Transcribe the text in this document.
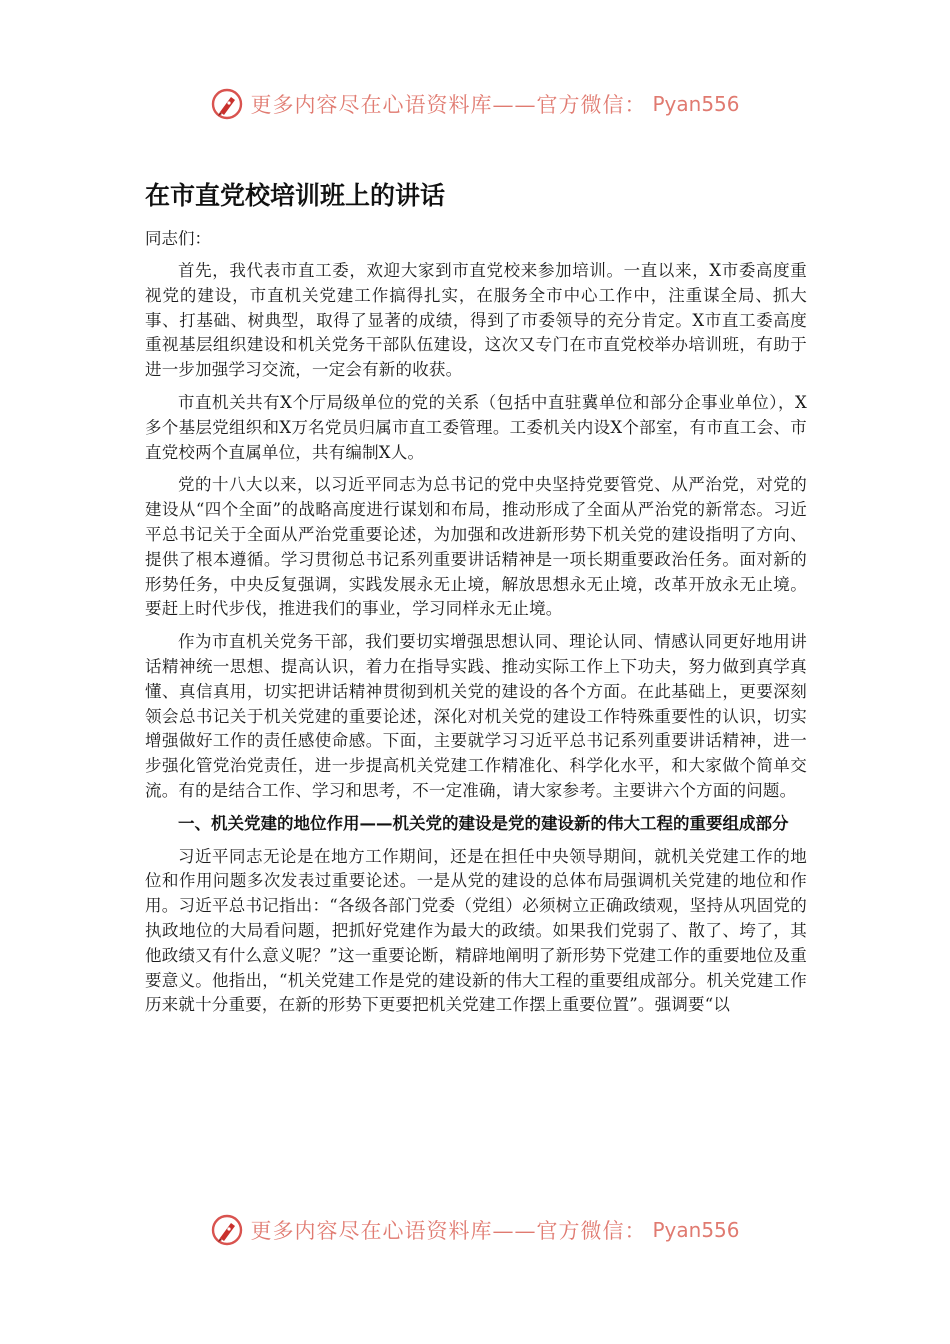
更多内容尽在心语资料库——官方微信： Pyan556
在市直党校培训班上的讲话

同志们：

首先，我代表市直工委，欢迎大家到市直党校来参加培训。一直以来，X市委高度重视党的建设，市直机关党建工作搞得扎实，在服务全市中心工作中，注重谋全局、抓大事、打基础、树典型，取得了显著的成绩，得到了市委领导的充分肯定。X市直工委高度重视基层组织建设和机关党务干部队伍建设，这次又专门在市直党校举办培训班，有助于进一步加强学习交流，一定会有新的收获。

市直机关共有X个厅局级单位的党的关系（包括中直驻冀单位和部分企事业单位），X多个基层党组织和X万名党员归属市直工委管理。工委机关内设X个部室，有市直工会、市直党校两个直属单位，共有编制X人。

党的十八大以来，以习近平同志为总书记的党中央坚持党要管党、从严治党，对党的建设从“四个全面”的战略高度进行谋划和布局，推动形成了全面从严治党的新常态。习近平总书记关于全面从严治党重要论述，为加强和改进新形势下机关党的建设指明了方向、提供了根本遵循。学习贯彻总书记系列重要讲话精神是一项长期重要政治任务。面对新的形势任务，中央反复强调，实践发展永无止境，解放思想永无止境，改革开放永无止境。要赶上时代步伐，推进我们的事业，学习同样永无止境。

作为市直机关党务干部，我们要切实增强思想认同、理论认同、情感认同更好地用讲话精神统一思想、提高认识，着力在指导实践、推动实际工作上下功夫，努力做到真学真懂、真信真用，切实把讲话精神贯彻到机关党的建设的各个方面。在此基础上，更要深刻领会总书记关于机关党建的重要论述，深化对机关党的建设工作特殊重要性的认识，切实增强做好工作的责任感使命感。下面，主要就学习习近平总书记系列重要讲话精神，进一步强化管党治党责任，进一步提高机关党建工作精准化、科学化水平，和大家做个简单交流。有的是结合工作、学习和思考，不一定准确，请大家参考。主要讲六个方面的问题。

一、机关党建的地位作用——机关党的建设是党的建设新的伟大工程的重要组成部分

习近平同志无论是在地方工作期间，还是在担任中央领导期间，就机关党建工作的地位和作用问题多次发表过重要论述。一是从党的建设的总体布局强调机关党建的地位和作用。习近平总书记指出：“各级各部门党委（党组）必须树立正确政绩观，坚持从巩固党的执政地位的大局看问题，把抓好党建作为最大的政绩。如果我们党弱了、散了、垮了，其他政绩又有什么意义呢？”这一重要论断，精辟地阐明了新形势下党建工作的重要地位及重要意义。他指出，“机关党建工作是党的建设新的伟大工程的重要组成部分。机关党建工作历来就十分重要，在新的形势下更要把机关党建工作摆上重要位置”。强调要“以

更多内容尽在心语资料库——官方微信： Pyan556
